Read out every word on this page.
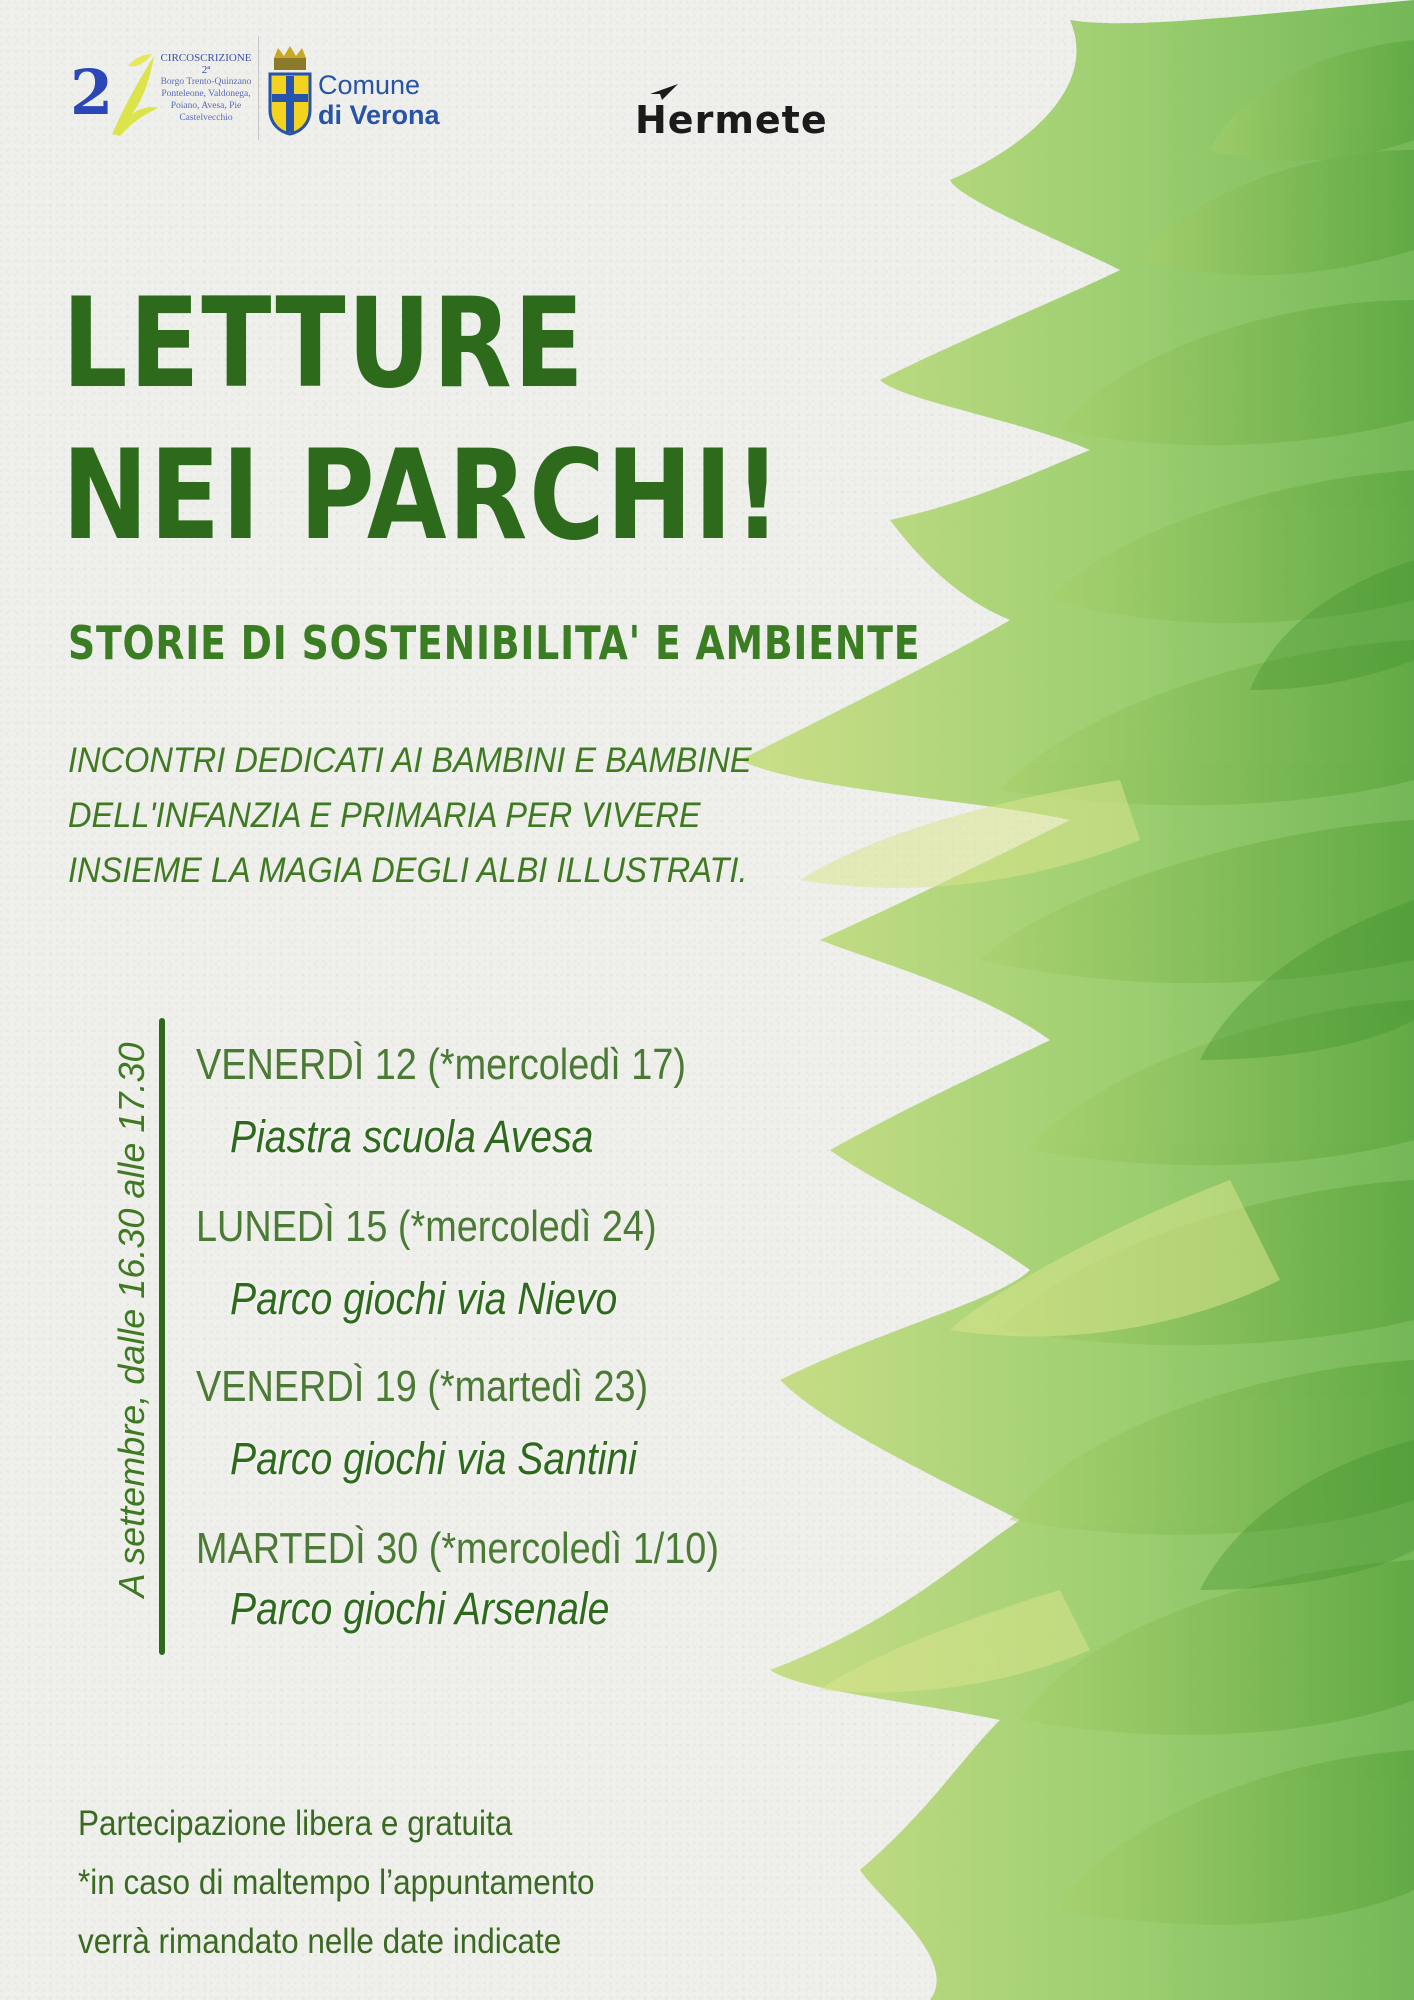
2	CIRCOSCRIZIONE 2ª
Borgo Trento-Quinzano
Ponteleone, Valdonega,
Poiano, Avesa, Pie Castelvecchio
Comune
di Verona	Hermete
LETTURE
NEI PARCHI!
STORIE DI SOSTENIBILITA' E AMBIENTE
INCONTRI DEDICATI AI BAMBINI E BAMBINE
DELL'INFANZIA E PRIMARIA PER VIVERE
INSIEME LA MAGIA DEGLI ALBI ILLUSTRATI.
A settembre, dalle 16.30 alle 17.30 VENERDÌ 12 (*mercoledì 17)
Piastra scuola Avesa
LUNEDÌ 15 (*mercoledì 24)
Parco giochi via Nievo
VENERDÌ 19 (*martedì 23)
Parco giochi via Santini
MARTEDÌ 30 (*mercoledì 1/10)
Parco giochi Arsenale
Partecipazione libera e gratuita
*in caso di maltempo l’appuntamento
verrà rimandato nelle date indicate
